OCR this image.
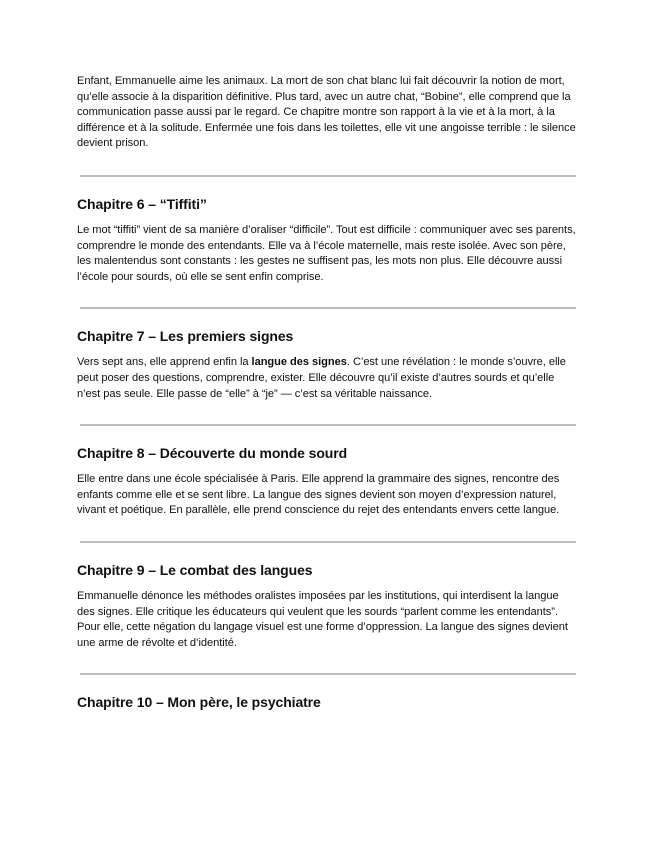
Enfant, Emmanuelle aime les animaux. La mort de son chat blanc lui fait découvrir la notion de mort, qu’elle associe à la disparition définitive. Plus tard, avec un autre chat, “Bobine”, elle comprend que la communication passe aussi par le regard. Ce chapitre montre son rapport à la vie et à la mort, à la différence et à la solitude. Enfermée une fois dans les toilettes, elle vit une angoisse terrible : le silence devient prison.

Chapitre 6 – “Tiffiti”

Le mot “tiffiti” vient de sa manière d’oraliser “difficile”. Tout est difficile : communiquer avec ses parents, comprendre le monde des entendants. Elle va à l’école maternelle, mais reste isolée. Avec son père, les malentendus sont constants : les gestes ne suffisent pas, les mots non plus. Elle découvre aussi l’école pour sourds, où elle se sent enfin comprise.

Chapitre 7 – Les premiers signes

Vers sept ans, elle apprend enfin la langue des signes. C’est une révélation : le monde s’ouvre, elle peut poser des questions, comprendre, exister. Elle découvre qu’il existe d’autres sourds et qu’elle n’est pas seule. Elle passe de “elle” à “je” — c’est sa véritable naissance.

Chapitre 8 – Découverte du monde sourd

Elle entre dans une école spécialisée à Paris. Elle apprend la grammaire des signes, rencontre des enfants comme elle et se sent libre. La langue des signes devient son moyen d’expression naturel, vivant et poétique. En parallèle, elle prend conscience du rejet des entendants envers cette langue.

Chapitre 9 – Le combat des langues

Emmanuelle dénonce les méthodes oralistes imposées par les institutions, qui interdisent la langue des signes. Elle critique les éducateurs qui veulent que les sourds “parlent comme les entendants”. Pour elle, cette négation du langage visuel est une forme d’oppression. La langue des signes devient une arme de révolte et d’identité.

Chapitre 10 – Mon père, le psychiatre
